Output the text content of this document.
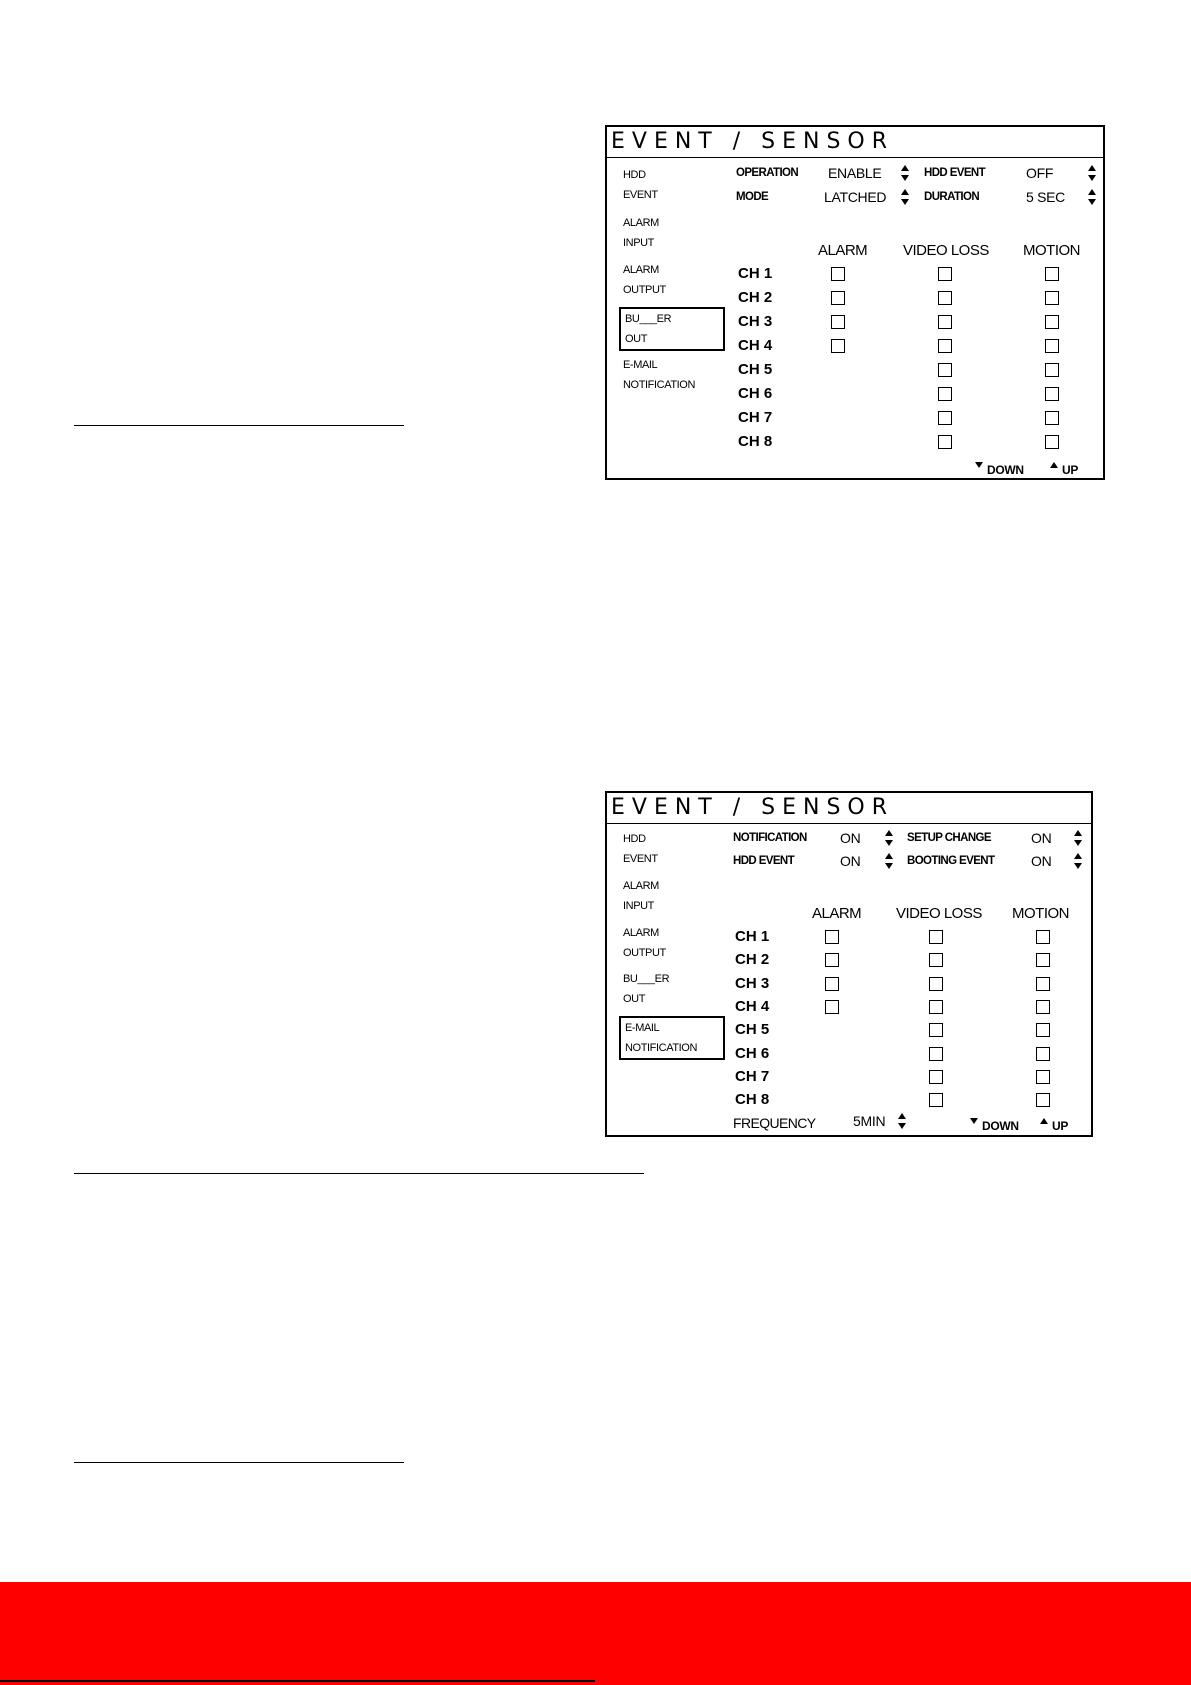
EVENT / SENSOR
HDD
EVENT
ALARM
INPUT
ALARM
OUTPUT
BU___ER
OUT
E-MAIL
NOTIFICATION
OPERATION ENABLE	HDD EVENT	OFF
MODE	LATCHED	DURATION	5 SEC
ALARM VIDEO LOSS MOTION
DOWN	UP
CH 1
CH 2
CH 3
CH 4
CH 5
CH 6
CH 7
CH 8
EVENT / SENSOR
HDD
EVENT
ALARM
INPUT
ALARM
OUTPUT
BU___ER
OUT
E-MAIL
NOTIFICATION
NOTIFICATION ON	SETUP CHANGE	ON
HDD EVENT	ON	BOOTING EVENT	ON
ALARM VIDEO LOSS MOTION
FREQUENCY	5MIN	DOWN	UP
CH 1
CH 2
CH 3
CH 4
CH 5
CH 6
CH 7
CH 8
